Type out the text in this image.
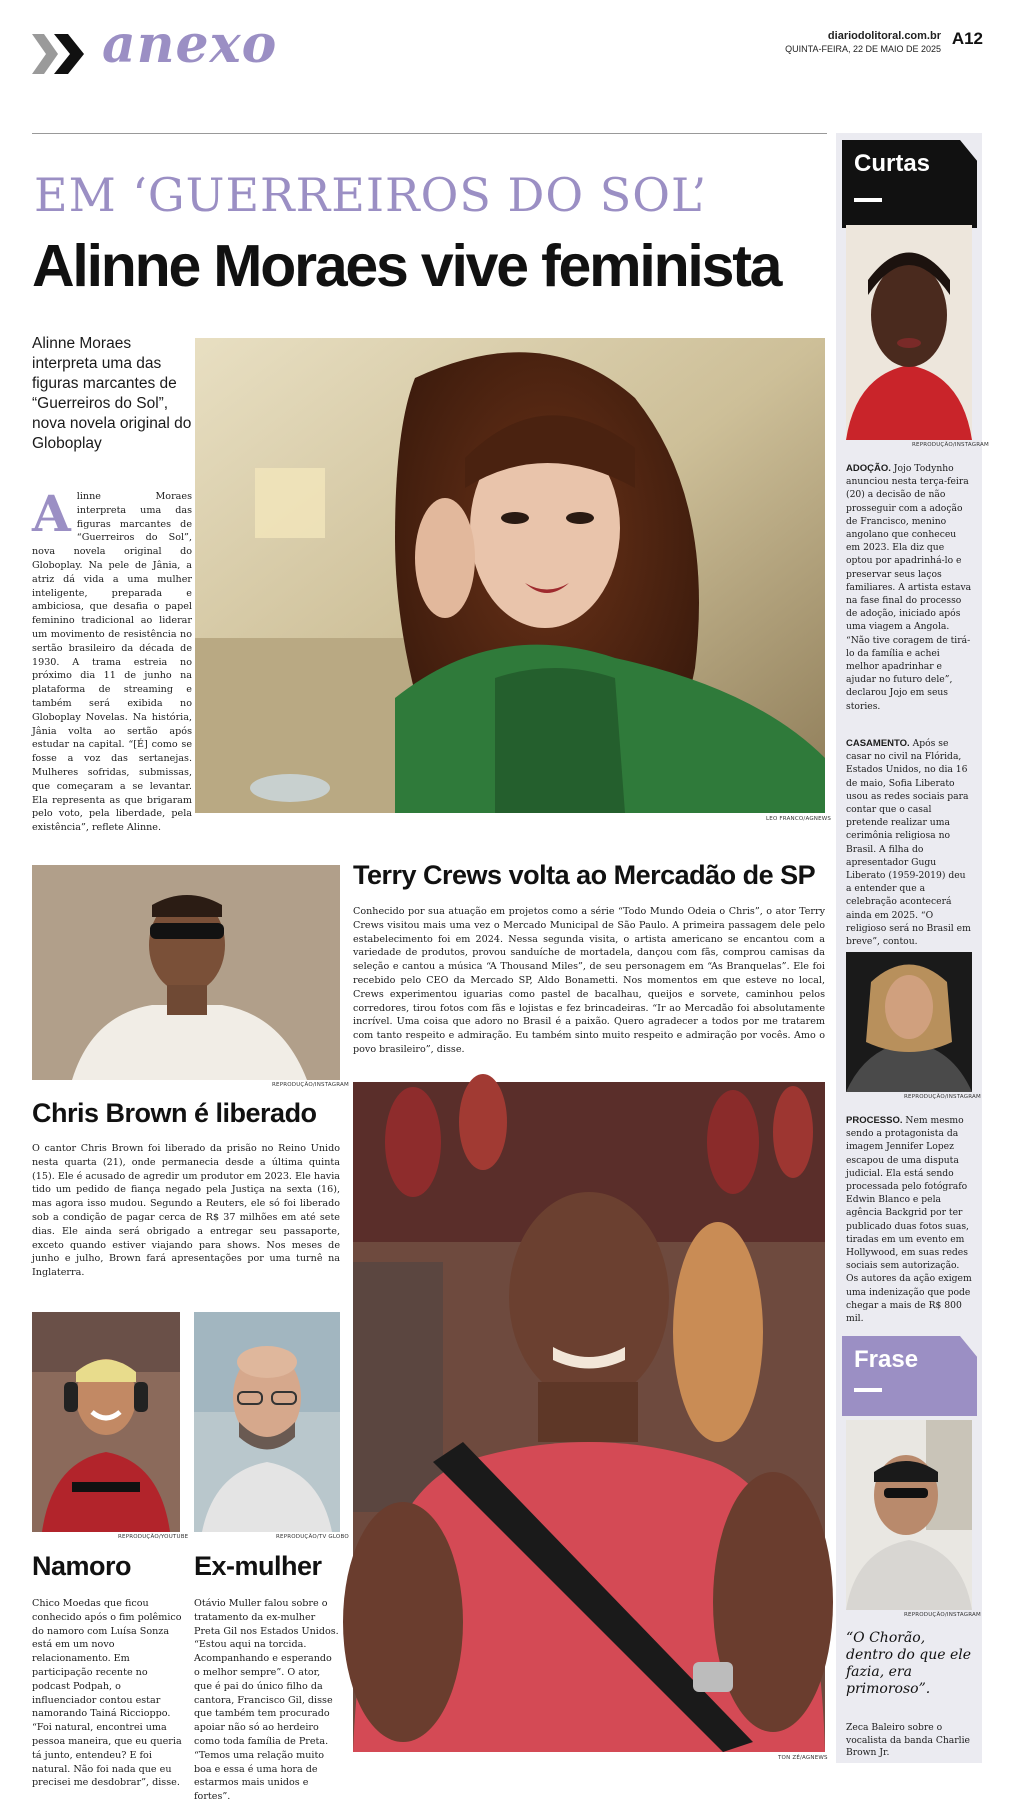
anexo	diariodolitoral.com.br
QUINTA-FEIRA, 22 DE MAIO DE 2025
A12
EM ‘GUERREIROS DO SOL’
Alinne Moraes vive feminista
Alinne Moraes interpreta uma das figuras marcantes de “Guerreiros do Sol”, nova novela original do Globoplay
Alinne Moraes interpreta uma das figuras marcantes de “Guerreiros do Sol”, nova novela original do Globoplay. Na pele de Jânia, a atriz dá vida a uma mulher inteligente, preparada e ambiciosa, que desafia o papel feminino tradicional ao liderar um movimento de resistência no sertão brasileiro da década de 1930. A trama estreia no próximo dia 11 de junho na plataforma de streaming e também será exibida no Globoplay Novelas. Na história, Jânia volta ao sertão após estudar na capital. “[É] como se fosse a voz das sertanejas. Mulheres sofridas, submissas, que começaram a se levantar. Ela representa as que brigaram pelo voto, pela liberdade, pela existência”, reflete Alinne.
LEO FRANCO/AGNEWS
REPRODUÇÃO/INSTAGRAM
Chris Brown é liberado
O cantor Chris Brown foi liberado da prisão no Reino Unido nesta quarta (21), onde permanecia desde a última quinta (15). Ele é acusado de agredir um produtor em 2023. Ele havia tido um pedido de fiança negado pela Justiça na sexta (16), mas agora isso mudou. Segundo a Reuters, ele só foi liberado sob a condição de pagar cerca de R$ 37 milhões em até sete dias. Ele ainda será obrigado a entregar seu passaporte, exceto quando estiver viajando para shows. Nos meses de junho e julho, Brown fará apresentações por uma turnê na Inglaterra.
REPRODUÇÃO/YOUTUBE	REPRODUÇÃO/TV GLOBO
Namoro Ex-mulher
Chico Moedas que ficou conhecido após o fim polêmico do namoro com Luísa Sonza está em um novo relacionamento. Em participação recente no podcast Podpah, o influenciador contou estar namorando Tainá Riccioppo. “Foi natural, encontrei uma pessoa maneira, que eu queria tá junto, entendeu? E foi natural. Não foi nada que eu precisei me desdobrar”, disse.
Otávio Muller falou sobre o tratamento da ex-mulher Preta Gil nos Estados Unidos. “Estou aqui na torcida. Acompanhando e esperando o melhor sempre”. O ator, que é pai do único filho da cantora, Francisco Gil, disse que também tem procurado apoiar não só ao herdeiro como toda família de Preta. “Temos uma relação muito boa e essa é uma hora de estarmos mais unidos e fortes”.
Terry Crews volta ao Mercadão de SP
Conhecido por sua atuação em projetos como a série “Todo Mundo Odeia o Chris”, o ator Terry Crews visitou mais uma vez o Mercado Municipal de São Paulo. A primeira passagem dele pelo estabelecimento foi em 2024. Nessa segunda visita, o artista americano se encantou com a variedade de produtos, provou sanduíche de mortadela, dançou com fãs, comprou camisas da seleção e cantou a música “A Thousand Miles”, de seu personagem em “As Branquelas”. Ele foi recebido pelo CEO da Mercado SP, Aldo Bonametti. Nos momentos em que esteve no local, Crews experimentou iguarias como pastel de bacalhau, queijos e sorvete, caminhou pelos corredores, tirou fotos com fãs e lojistas e fez brincadeiras. “Ir ao Mercadão foi absolutamente incrível. Uma coisa que adoro no Brasil é a paixão. Quero agradecer a todos por me tratarem com tanto respeito e admiração. Eu também sinto muito respeito e admiração por vocês. Amo o povo brasileiro”, disse.
TON ZÉ/AGNEWS
Curtas
REPRODUÇÃO/INSTAGRAM
ADOÇÃO. Jojo Todynho anunciou nesta terça-feira (20) a decisão de não prosseguir com a adoção de Francisco, menino angolano que conheceu em 2023. Ela diz que optou por apadrinhá-lo e preservar seus laços familiares. A artista estava na fase final do processo de adoção, iniciado após uma viagem a Angola. “Não tive coragem de tirá-lo da família e achei melhor apadrinhar e ajudar no futuro dele”, declarou Jojo em seus stories.
CASAMENTO. Após se casar no civil na Flórida, Estados Unidos, no dia 16 de maio, Sofia Liberato usou as redes sociais para contar que o casal pretende realizar uma cerimônia religiosa no Brasil. A filha do apresentador Gugu Liberato (1959-2019) deu a entender que a celebração acontecerá ainda em 2025. “O religioso será no Brasil em breve”, contou.
REPRODUÇÃO/INSTAGRAM
PROCESSO. Nem mesmo sendo a protagonista da imagem Jennifer Lopez escapou de uma disputa judicial. Ela está sendo processada pelo fotógrafo Edwin Blanco e pela agência Backgrid por ter publicado duas fotos suas, tiradas em um evento em Hollywood, em suas redes sociais sem autorização. Os autores da ação exigem uma indenização que pode chegar a mais de R$ 800 mil.
Frase
REPRODUÇÃO/INSTAGRAM
“O Chorão, dentro do que ele fazia, era primoroso”.
Zeca Baleiro sobre o vocalista da banda Charlie Brown Jr.
